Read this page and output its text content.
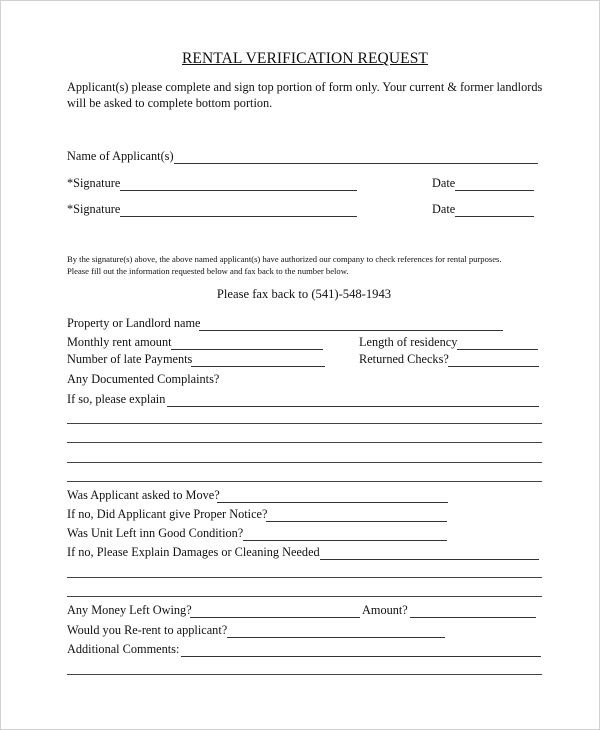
RENTAL VERIFICATION REQUEST
Applicant(s) please complete and sign top portion of form only. Your current & former landlords
will be asked to complete bottom portion.
Name of Applicant(s)
*Signature	Date
*Signature	Date
By the signature(s) above, the above named applicant(s) have authorized our company to check references for rental purposes.
Please fill out the information requested below and fax back to the number below.
Please fax back to (541)-548-1943
Property or Landlord name
Monthly rent amount	Length of residency
Number of late Payments	Returned Checks?
Any Documented Complaints?
If so, please explain
Was Applicant asked to Move?
If no, Did Applicant give Proper Notice?
Was Unit Left inn Good Condition?
If no, Please Explain Damages or Cleaning Needed
Any Money Left Owing?	Amount?
Would you Re-rent to applicant?
Additional Comments:
